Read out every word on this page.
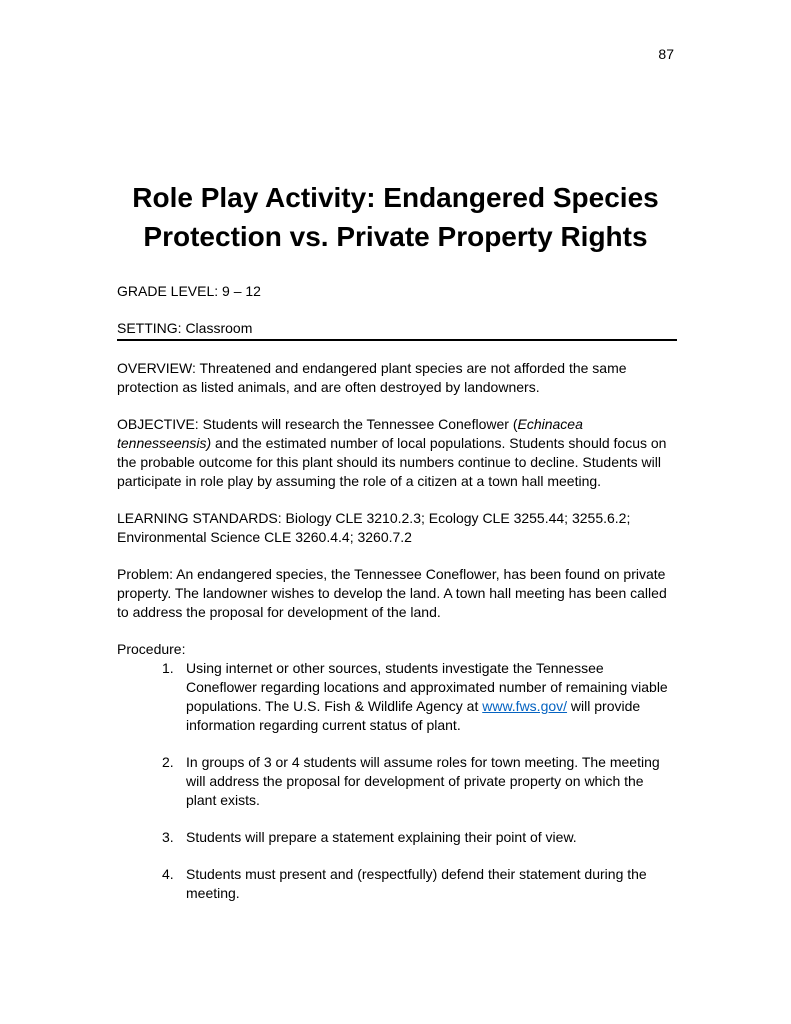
87
Role Play Activity: Endangered Species
Protection vs. Private Property Rights

GRADE LEVEL: 9 – 12

SETTING: Classroom

OVERVIEW: Threatened and endangered plant species are not afforded the same protection as listed animals, and are often destroyed by landowners.

OBJECTIVE: Students will research the Tennessee Coneflower (Echinacea tennesseensis) and the estimated number of local populations. Students should focus on the probable outcome for this plant should its numbers continue to decline. Students will participate in role play by assuming the role of a citizen at a town hall meeting.

LEARNING STANDARDS: Biology CLE 3210.2.3; Ecology CLE 3255.44; 3255.6.2; Environmental Science CLE 3260.4.4; 3260.7.2

Problem: An endangered species, the Tennessee Coneflower, has been found on private property. The landowner wishes to develop the land. A town hall meeting has been called to address the proposal for development of the land.

Procedure:

1. Using internet or other sources, students investigate the Tennessee Coneflower regarding locations and approximated number of remaining viable populations. The U.S. Fish & Wildlife Agency at www.fws.gov/ will provide information regarding current status of plant.
2. In groups of 3 or 4 students will assume roles for town meeting. The meeting will address the proposal for development of private property on which the plant exists.
3. Students will prepare a statement explaining their point of view.
4. Students must present and (respectfully) defend their statement during the meeting.
